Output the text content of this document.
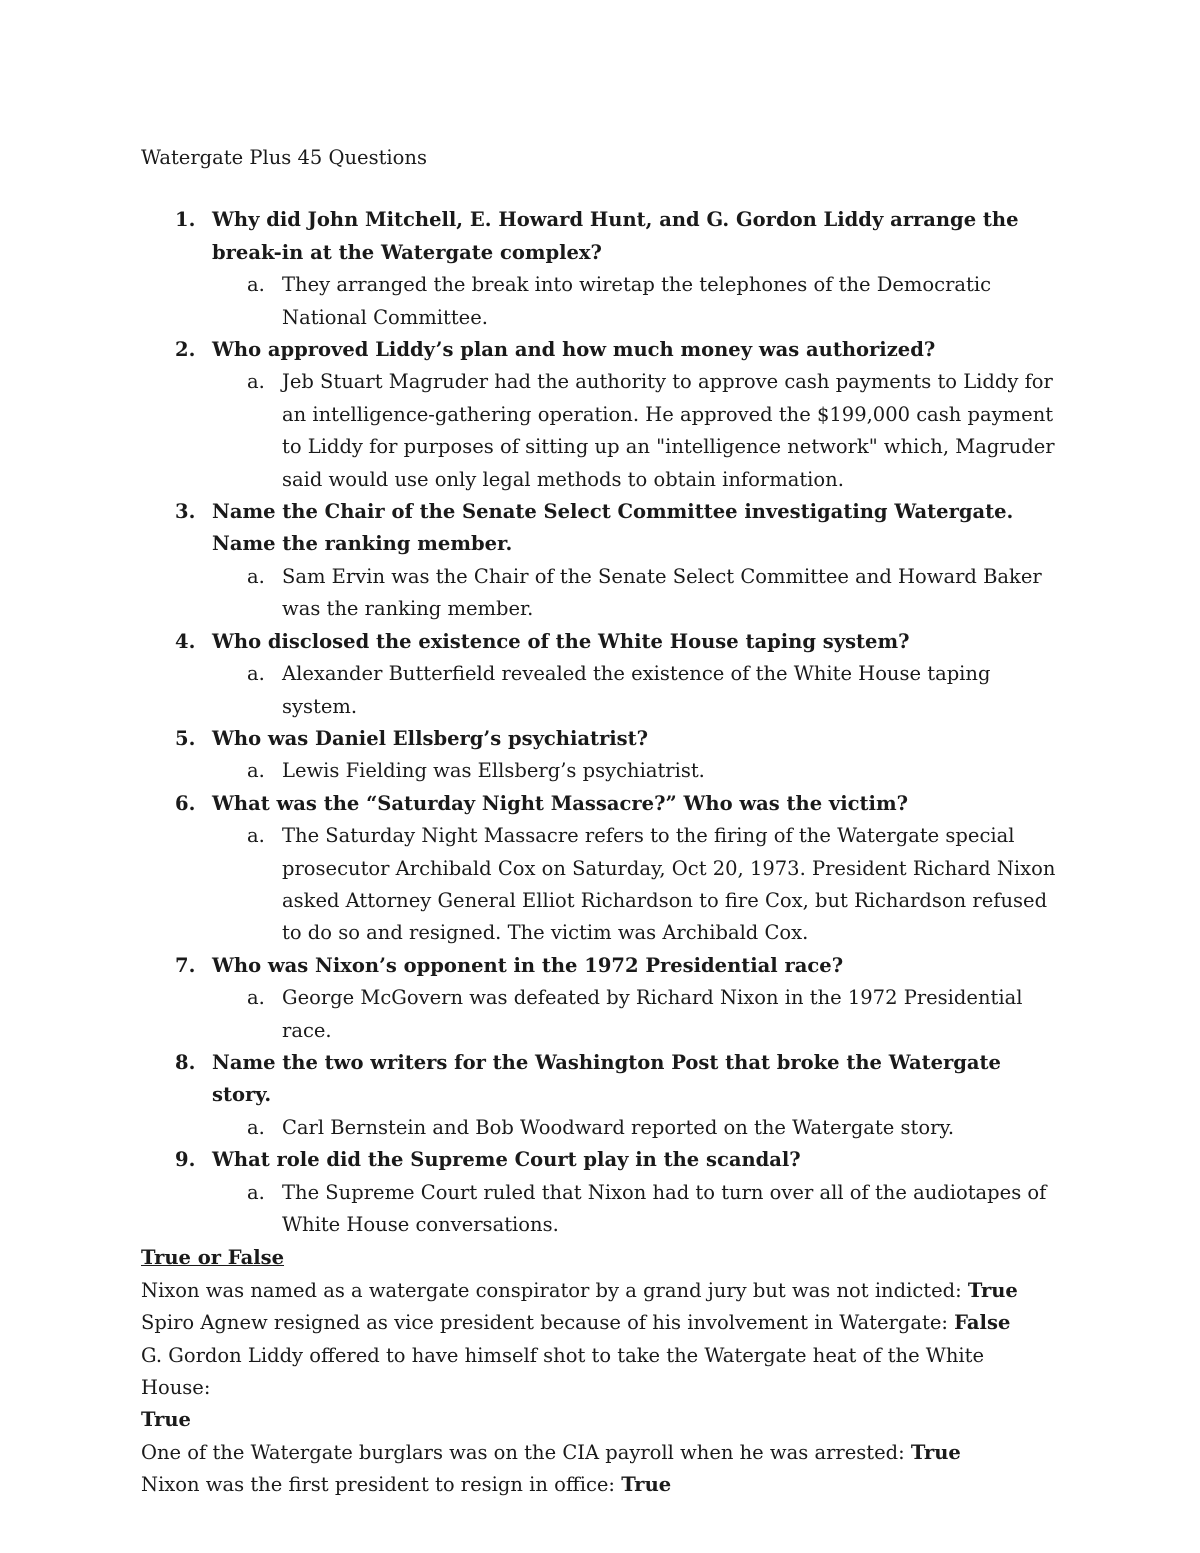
Watergate Plus 45 Questions
1. Why did John Mitchell, E. Howard Hunt, and G. Gordon Liddy arrange the break-in at the Watergate complex?
a. They arranged the break into wiretap the telephones of the Democratic National Committee.
2. Who approved Liddy’s plan and how much money was authorized?
a. Jeb Stuart Magruder had the authority to approve cash payments to Liddy for an intelligence-gathering operation. He approved the $199,000 cash payment to Liddy for purposes of sitting up an "intelligence network" which, Magruder said would use only legal methods to obtain information.
3. Name the Chair of the Senate Select Committee investigating Watergate. Name the ranking member.
a. Sam Ervin was the Chair of the Senate Select Committee and Howard Baker was the ranking member.
4. Who disclosed the existence of the White House taping system?
a. Alexander Butterfield revealed the existence of the White House taping system.
5. Who was Daniel Ellsberg’s psychiatrist?
a. Lewis Fielding was Ellsberg’s psychiatrist.
6. What was the “Saturday Night Massacre?” Who was the victim?
a. The Saturday Night Massacre refers to the firing of the Watergate special prosecutor Archibald Cox on Saturday, Oct 20, 1973. President Richard Nixon asked Attorney General Elliot Richardson to fire Cox, but Richardson refused to do so and resigned. The victim was Archibald Cox.
7. Who was Nixon’s opponent in the 1972 Presidential race?
a. George McGovern was defeated by Richard Nixon in the 1972 Presidential race.
8. Name the two writers for the Washington Post that broke the Watergate story.
a. Carl Bernstein and Bob Woodward reported on the Watergate story.
9. What role did the Supreme Court play in the scandal?
a. The Supreme Court ruled that Nixon had to turn over all of the audiotapes of White House conversations.
True or False
Nixon was named as a watergate conspirator by a grand jury but was not indicted: True
Spiro Agnew resigned as vice president because of his involvement in Watergate: False
G. Gordon Liddy offered to have himself shot to take the Watergate heat of the White House:
True
One of the Watergate burglars was on the CIA payroll when he was arrested: True
Nixon was the first president to resign in office: True
